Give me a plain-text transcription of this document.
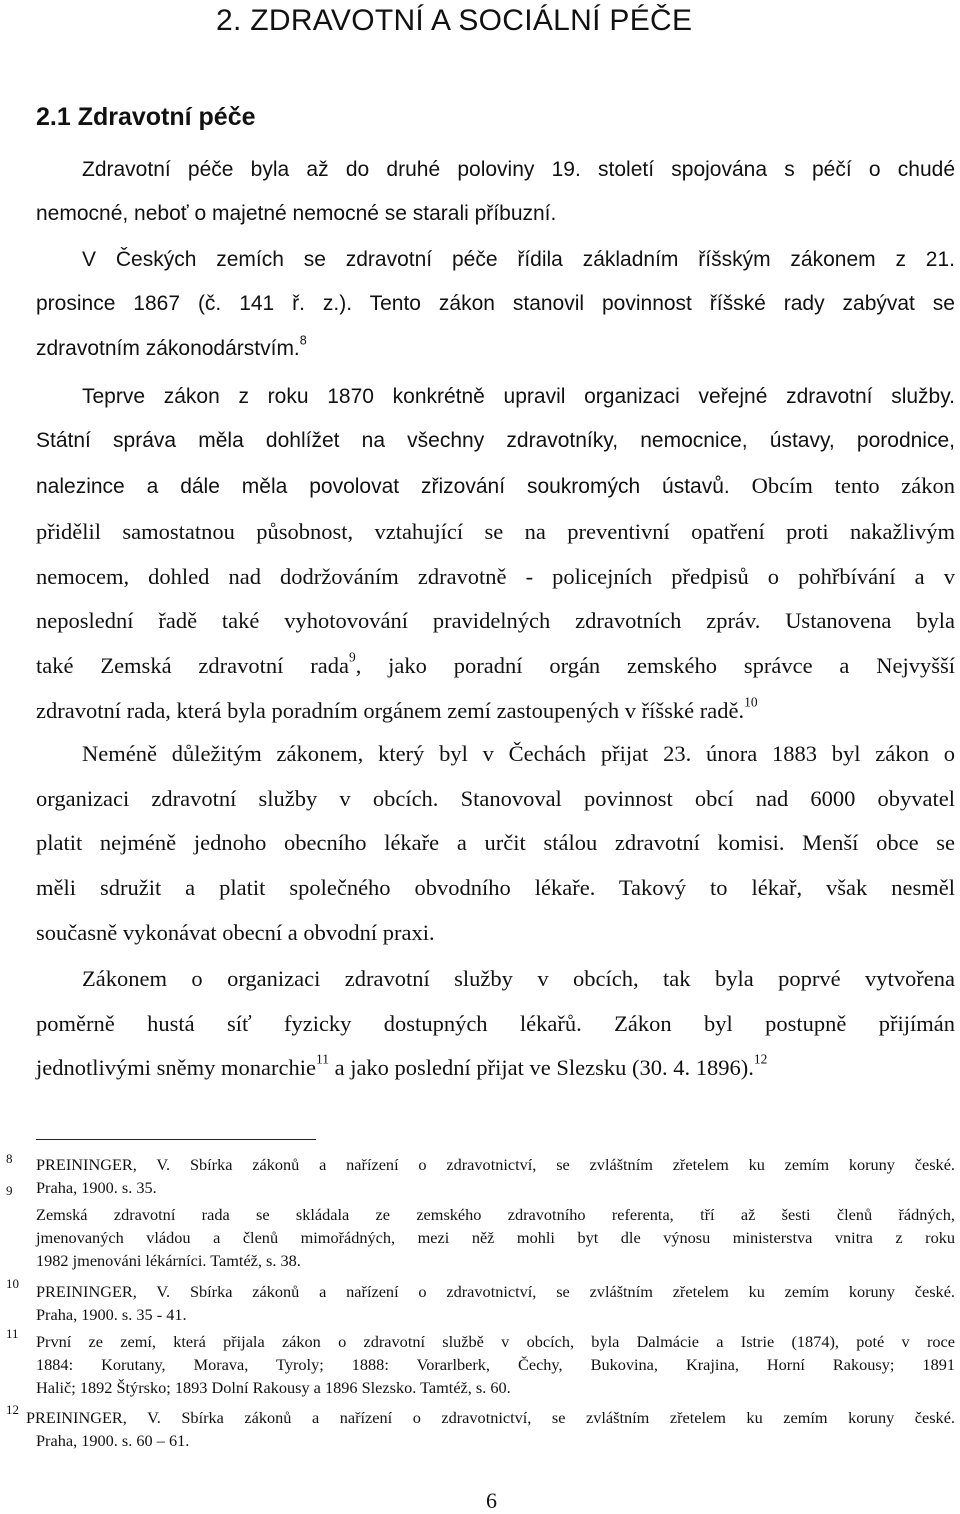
2. ZDRAVOTNÍ A SOCIÁLNÍ PÉČE
2.1 Zdravotní péče
Zdravotní péče byla až do druhé poloviny 19. století spojována s péčí o chudé
nemocné, neboť o majetné nemocné se starali příbuzní.
V Českých zemích se zdravotní péče řídila základním říšským zákonem z 21.
prosince 1867 (č. 141 ř. z.). Tento zákon stanovil povinnost říšské rady zabývat se
zdravotním zákonodárstvím.$^8$
Teprve zákon z roku 1870 konkrétně upravil organizaci veřejné zdravotní služby.
Státní správa měla dohlížet na všechny zdravotníky, nemocnice, ústavy, porodnice,
nalezince a dále měla povolovat zřizování soukromých ústavů. Obcím tento zákon
přidělil samostatnou působnost, vztahující se na preventivní opatření proti nakažlivým
nemocem, dohled nad dodržováním zdravotně - policejních předpisů o pohřbívání a v
neposlední řadě také vyhotovování pravidelných zdravotních zpráv. Ustanovena byla
také Zemská zdravotní rada$^9$, jako poradní orgán zemského správce a Nejvyšší
zdravotní rada, která byla poradním orgánem zemí zastoupených v říšské radě.$^{10}$
Neméně důležitým zákonem, který byl v Čechách přijat 23. února 1883 byl zákon o
organizaci zdravotní služby v obcích. Stanovoval povinnost obcí nad 6000 obyvatel
platit nejméně jednoho obecního lékaře a určit stálou zdravotní komisi. Menší obce se
měli sdružit a platit společného obvodního lékaře. Takový to lékař, však nesměl
současně vykonávat obecní a obvodní praxi.
Zákonem o organizaci zdravotní služby v obcích, tak byla poprvé vytvořena
poměrně hustá síť fyzicky dostupných lékařů. Zákon byl postupně přijímán
jednotlivými sněmy monarchie$^{11}$ a jako poslední přijat ve Slezsku (30. 4. 1896).$^{12}$
8 PREININGER, V. Sbírka zákonů a nařízení o zdravotnictví, se zvláštním zřetelem ku zemím koruny české.
Praha, 1900. s. 35.
9
Zemská zdravotní rada se skládala ze zemského zdravotního referenta, tří až šesti členů řádných,
jmenovaných vládou a členů mimořádných, mezi něž mohli byt dle výnosu ministerstva vnitra z roku
1982 jmenováni lékárníci. Tamtéž, s. 38.
10 PREININGER, V. Sbírka zákonů a nařízení o zdravotnictví, se zvláštním zřetelem ku zemím koruny české.
Praha, 1900. s. 35 - 41.
11 První ze zemí, která přijala zákon o zdravotní službě v obcích, byla Dalmácie a Istrie (1874), poté v roce
1884: Korutany, Morava, Tyroly; 1888: Vorarlberk, Čechy, Bukovina, Krajina, Horní Rakousy; 1891
Halič; 1892 Štýrsko; 1893 Dolní Rakousy a 1896 Slezsko. Tamtéž, s. 60.
12 PREININGER, V. Sbírka zákonů a nařízení o zdravotnictví, se zvláštním zřetelem ku zemím koruny české.
Praha, 1900. s. 60 – 61.
6
